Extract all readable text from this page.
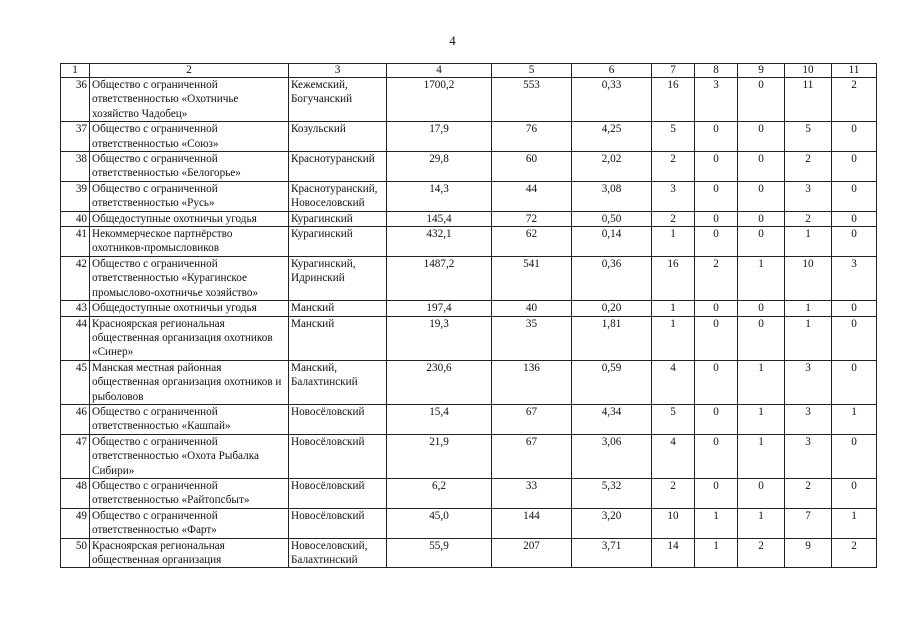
4
1	2	3	4	5	6	7	8	9	10	11
36	Общество с ограниченной ответственностью «Охотничье хозяйство Чадобец»	Кежемский, Богучанский	1700,2	553	0,33	16	3	0	11	2
37	Общество с ограниченной ответственностью «Союз»	Козульский	17,9	76	4,25	5	0	0	5	0
38	Общество с ограниченной ответственностью «Белогорье»	Краснотуранский	29,8	60	2,02	2	0	0	2	0
39	Общество с ограниченной ответственностью «Русь»	Краснотуранский, Новоселовский	14,3	44	3,08	3	0	0	3	0
40	Общедоступные охотничьи угодья	Курагинский	145,4	72	0,50	2	0	0	2	0
41	Некоммерческое партнёрство охотников-промысловиков	Курагинский	432,1	62	0,14	1	0	0	1	0
42	Общество с ограниченной ответственностью «Курагинское промыслово-охотничье хозяйство»	Курагинский, Идринский	1487,2	541	0,36	16	2	1	10	3
43	Общедоступные охотничьи угодья	Манский	197,4	40	0,20	1	0	0	1	0
44	Красноярская региональная общественная организация охотников «Синер»	Манский	19,3	35	1,81	1	0	0	1	0
45	Манская местная районная общественная организация охотников и рыболовов	Манский, Балахтинский	230,6	136	0,59	4	0	1	3	0
46	Общество с ограниченной ответственностью «Кашпай»	Новосёловский	15,4	67	4,34	5	0	1	3	1
47	Общество с ограниченной ответственностью «Охота Рыбалка Сибири»	Новосёловский	21,9	67	3,06	4	0	1	3	0
48	Общество с ограниченной ответственностью «Райтопсбыт»	Новосёловский	6,2	33	5,32	2	0	0	2	0
49	Общество с ограниченной ответственностью «Фарт»	Новосёловский	45,0	144	3,20	10	1	1	7	1
50	Красноярская региональная общественная организация	Новоселовский, Балахтинский	55,9	207	3,71	14	1	2	9	2
